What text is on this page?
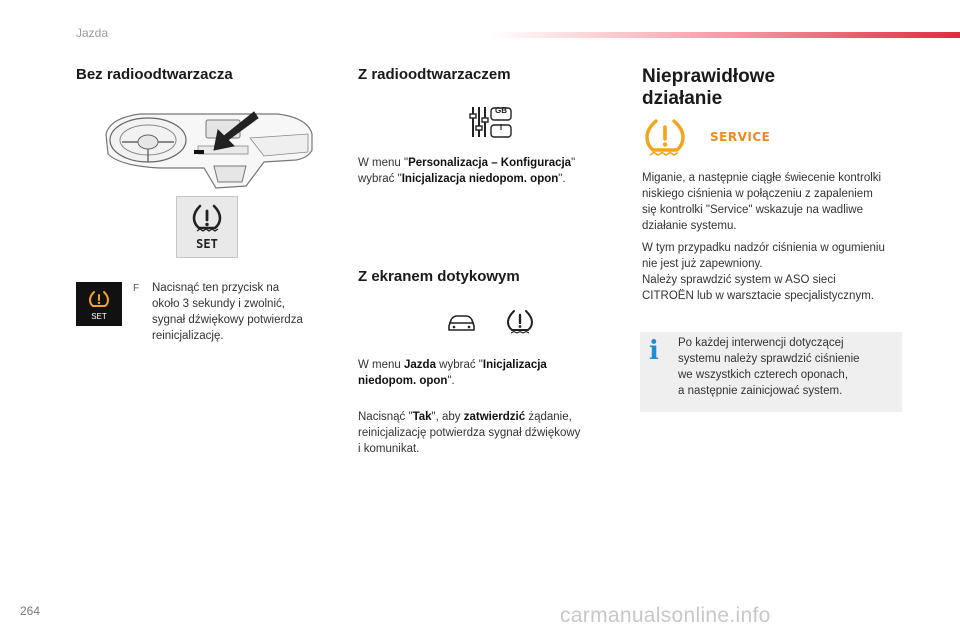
Jazda
Bez radioodtwarzacza
SET
SET
F Nacisnąć ten przycisk na

około 3 sekundy i zwolnić,

sygnał dźwiękowy potwierdza

reinicjalizację.

Z radioodtwarzaczem
GB
I

W menu "Personalizacja – Konfiguracja"

wybrać "Inicjalizacja niedopom. opon".

Z ekranem dotykowym

W menu Jazda wybrać "Inicjalizacja

niedopom. opon".

Nacisnąć "Tak", aby zatwierdzić żądanie,

reinicjalizację potwierdza sygnał dźwiękowy

i komunikat.

Nieprawidłowe
działanie
SERVICE

Miganie, a następnie ciągłe świecenie kontrolki

niskiego ciśnienia w połączeniu z zapaleniem

się kontrolki "Service" wskazuje na wadliwe

działanie systemu.

W tym przypadku nadzór ciśnienia w ogumieniu

nie jest już zapewniony.

Należy sprawdzić system w ASO sieci

CITROËN lub w warsztacie specjalistycznym.

i	Po każdej interwencji dotyczącej

systemu należy sprawdzić ciśnienie

we wszystkich czterech oponach,

a następnie zainicjować system.

264	carmanualsonline.info
